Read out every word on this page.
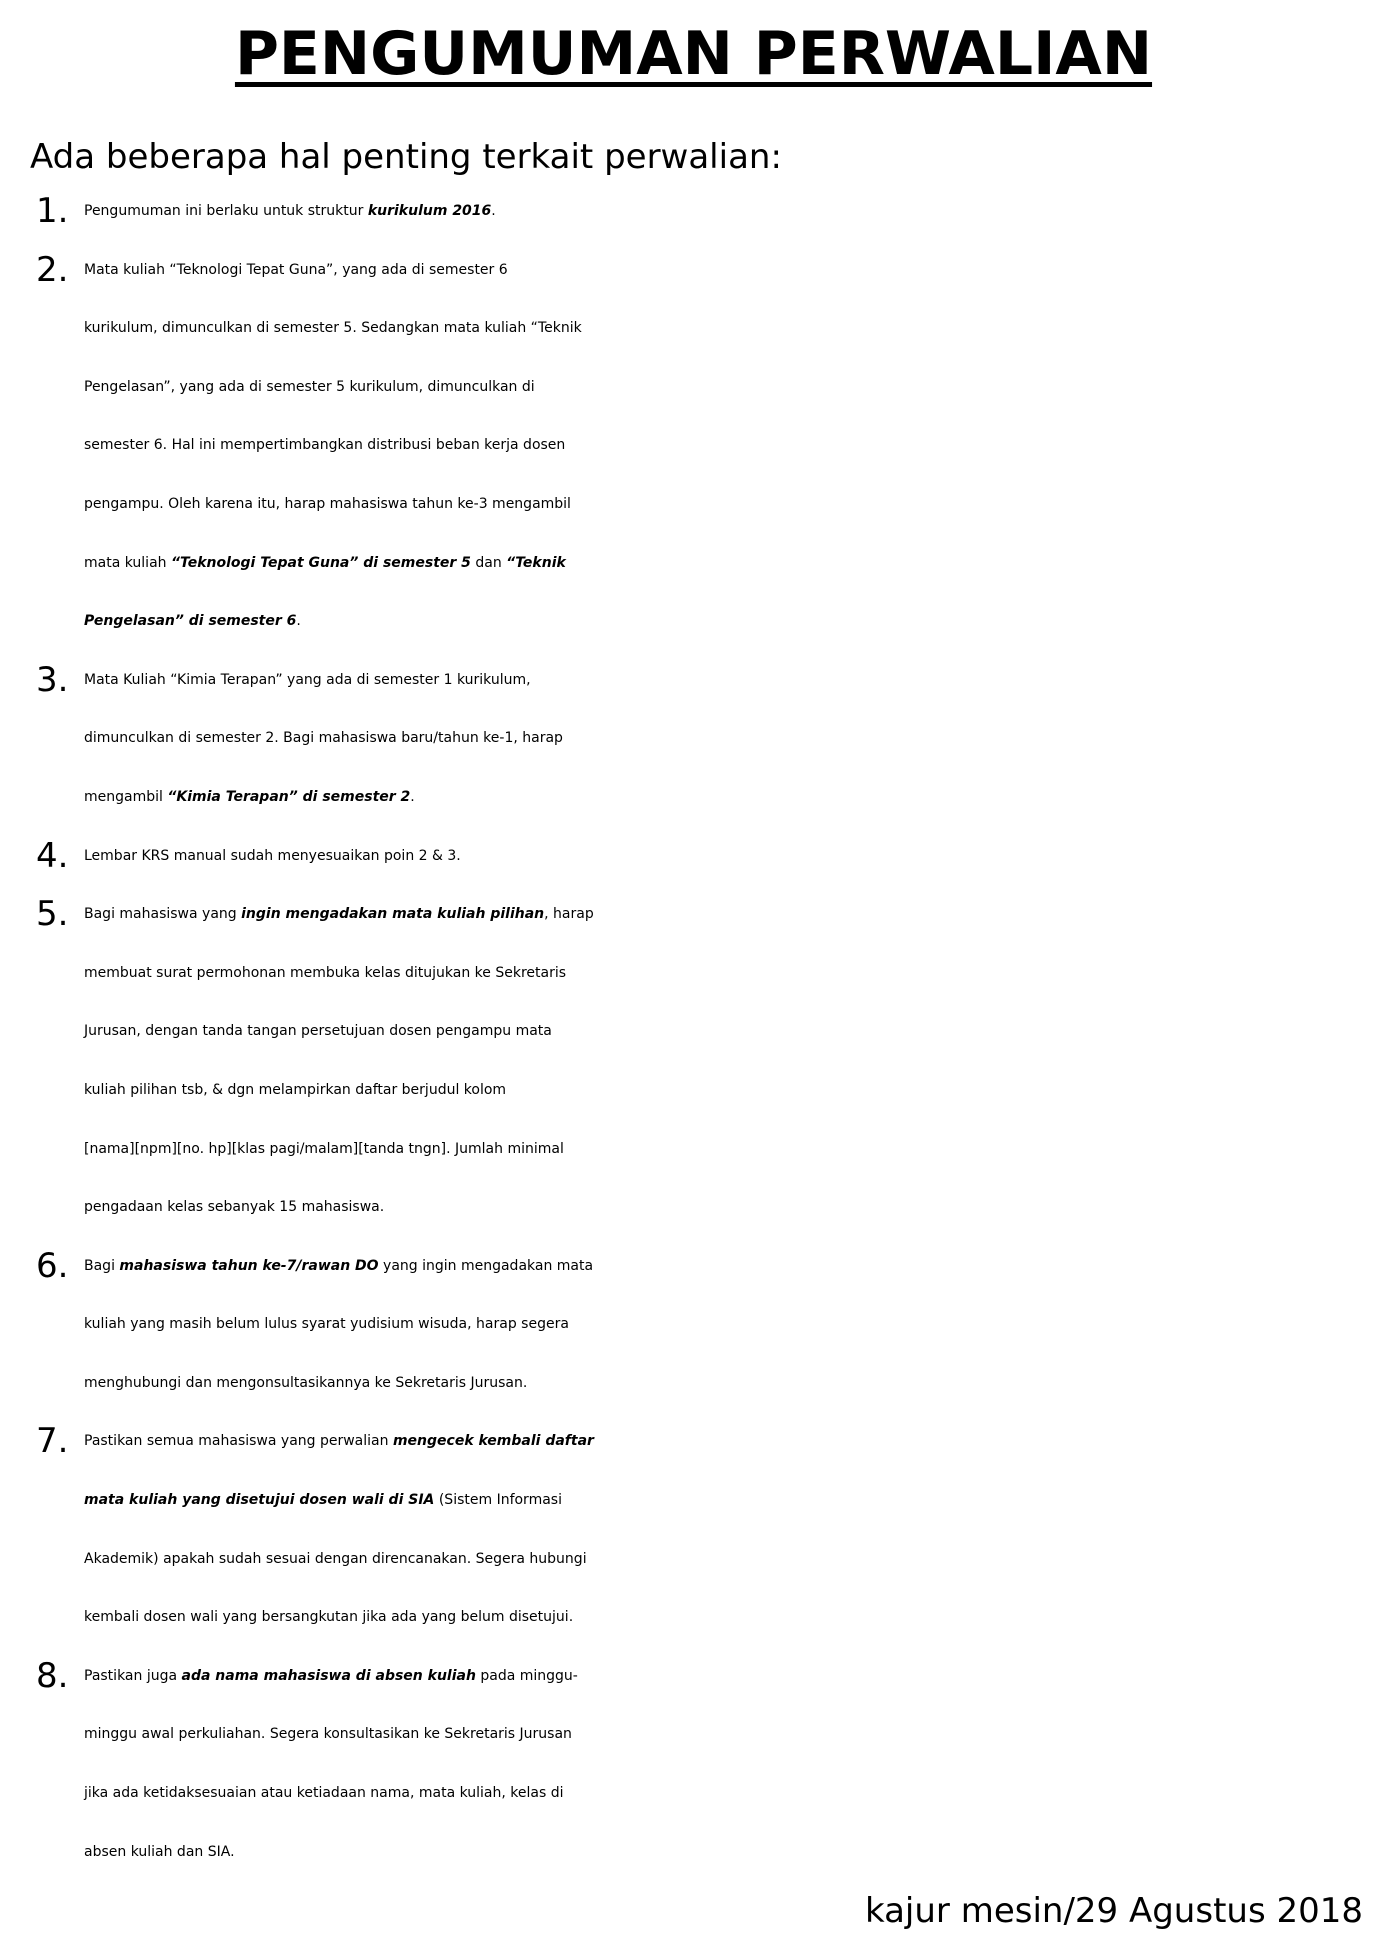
PENGUMUMAN PERWALIAN

Ada beberapa hal penting terkait perwalian:

1. Pengumuman ini berlaku untuk struktur kurikulum 2016.
2. Mata kuliah “Teknologi Tepat Guna”, yang ada di semester 6
kurikulum, dimunculkan di semester 5. Sedangkan mata kuliah “Teknik
Pengelasan”, yang ada di semester 5 kurikulum, dimunculkan di
semester 6. Hal ini mempertimbangkan distribusi beban kerja dosen
pengampu. Oleh karena itu, harap mahasiswa tahun ke-3 mengambil
mata kuliah “Teknologi Tepat Guna” di semester 5 dan “Teknik
Pengelasan” di semester 6.
3. Mata Kuliah “Kimia Terapan” yang ada di semester 1 kurikulum,
dimunculkan di semester 2. Bagi mahasiswa baru/tahun ke-1, harap
mengambil “Kimia Terapan” di semester 2.
4. Lembar KRS manual sudah menyesuaikan poin 2 & 3.
5. Bagi mahasiswa yang ingin mengadakan mata kuliah pilihan, harap
membuat surat permohonan membuka kelas ditujukan ke Sekretaris
Jurusan, dengan tanda tangan persetujuan dosen pengampu mata
kuliah pilihan tsb, & dgn melampirkan daftar berjudul kolom
[nama][npm][no. hp][klas pagi/malam][tanda tngn]. Jumlah minimal
pengadaan kelas sebanyak 15 mahasiswa.
6. Bagi mahasiswa tahun ke-7/rawan DO yang ingin mengadakan mata
kuliah yang masih belum lulus syarat yudisium wisuda, harap segera
menghubungi dan mengonsultasikannya ke Sekretaris Jurusan.
7. Pastikan semua mahasiswa yang perwalian mengecek kembali daftar
mata kuliah yang disetujui dosen wali di SIA (Sistem Informasi
Akademik) apakah sudah sesuai dengan direncanakan. Segera hubungi
kembali dosen wali yang bersangkutan jika ada yang belum disetujui.
8. Pastikan juga ada nama mahasiswa di absen kuliah pada minggu-
minggu awal perkuliahan. Segera konsultasikan ke Sekretaris Jurusan
jika ada ketidaksesuaian atau ketiadaan nama, mata kuliah, kelas di
absen kuliah dan SIA.

kajur mesin/29 Agustus 2018
